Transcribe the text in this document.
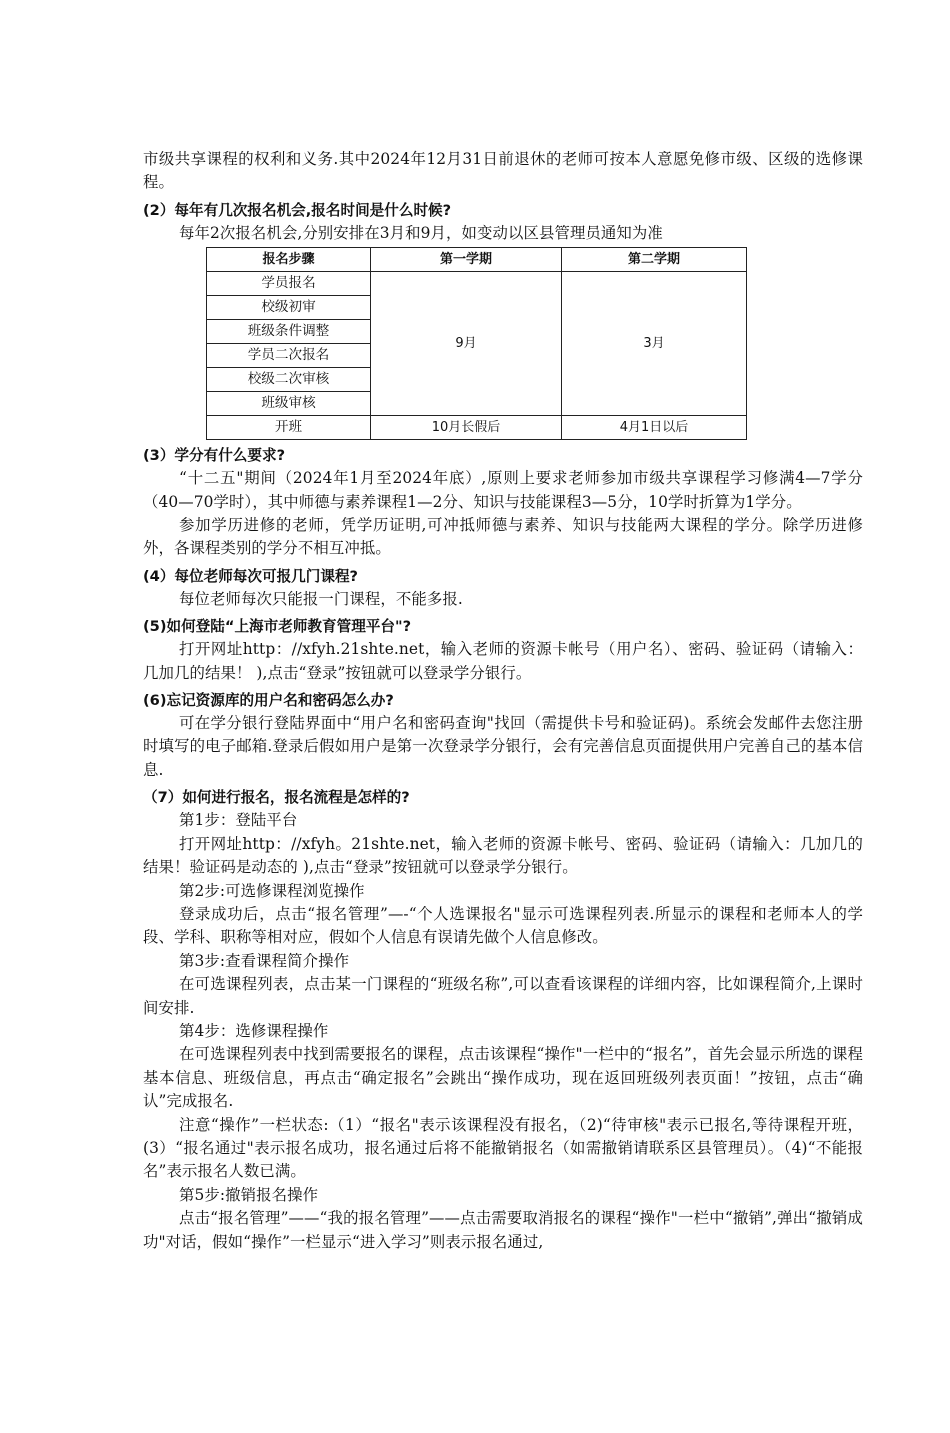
市级共享课程的权利和义务.其中2024年12月31日前退休的老师可按本人意愿免修市级、区级的选修课程。

(2）每年有几次报名机会,报名时间是什么时候?

每年2次报名机会,分别安排在3月和9月，如变动以区县管理员通知为准

报名步骤	第一学期	第二学期
学员报名	9月	3月
校级初审		
班级条件调整		
学员二次报名		
校级二次审核		
班级审核		
开班	10月长假后	4月1日以后

(3）学分有什么要求?

“十二五"期间（2024年1月至2024年底）,原则上要求老师参加市级共享课程学习修满4—7学分（40—70学时），其中师德与素养课程1—2分、知识与技能课程3—5分，10学时折算为1学分。

参加学历进修的老师，凭学历证明,可冲抵师德与素养、知识与技能两大课程的学分。除学历进修外，各课程类别的学分不相互冲抵。

(4）每位老师每次可报几门课程?

每位老师每次只能报一门课程，不能多报.

(5)如何登陆“上海市老师教育管理平台"?

打开网址http：//xfyh.21shte.net，输入老师的资源卡帐号（用户名）、密码、验证码（请输入：几加几的结果！ ),点击“登录”按钮就可以登录学分银行。

(6)忘记资源库的用户名和密码怎么办?

可在学分银行登陆界面中“用户名和密码查询"找回（需提供卡号和验证码)。系统会发邮件去您注册时填写的电子邮箱.登录后假如用户是第一次登录学分银行，会有完善信息页面提供用户完善自己的基本信息.

（7）如何进行报名，报名流程是怎样的?

第1步：登陆平台

打开网址http：//xfyh。21shte.net，输入老师的资源卡帐号、密码、验证码（请输入：几加几的结果！验证码是动态的 ),点击“登录”按钮就可以登录学分银行。

第2步:可选修课程浏览操作

登录成功后，点击“报名管理”—-“个人选课报名"显示可选课程列表.所显示的课程和老师本人的学段、学科、职称等相对应，假如个人信息有误请先做个人信息修改。

第3步:查看课程简介操作

在可选课程列表，点击某一门课程的“班级名称”,可以查看该课程的详细内容，比如课程简介,上课时间安排.

第4步：选修课程操作

在可选课程列表中找到需要报名的课程，点击该课程“操作"一栏中的“报名”，首先会显示所选的课程基本信息、班级信息，再点击“确定报名”会跳出“操作成功，现在返回班级列表页面！”按钮，点击“确认”完成报名.

注意“操作”一栏状态:（1）“报名"表示该课程没有报名，（2)“待审核"表示已报名,等待课程开班，(3）“报名通过"表示报名成功，报名通过后将不能撤销报名（如需撤销请联系区县管理员）。（4)“不能报名”表示报名人数已满。

第5步:撤销报名操作

点击“报名管理”——“我的报名管理”——点击需要取消报名的课程“操作"一栏中“撤销”,弹出“撤销成功"对话，假如“操作”一栏显示“进入学习”则表示报名通过,
